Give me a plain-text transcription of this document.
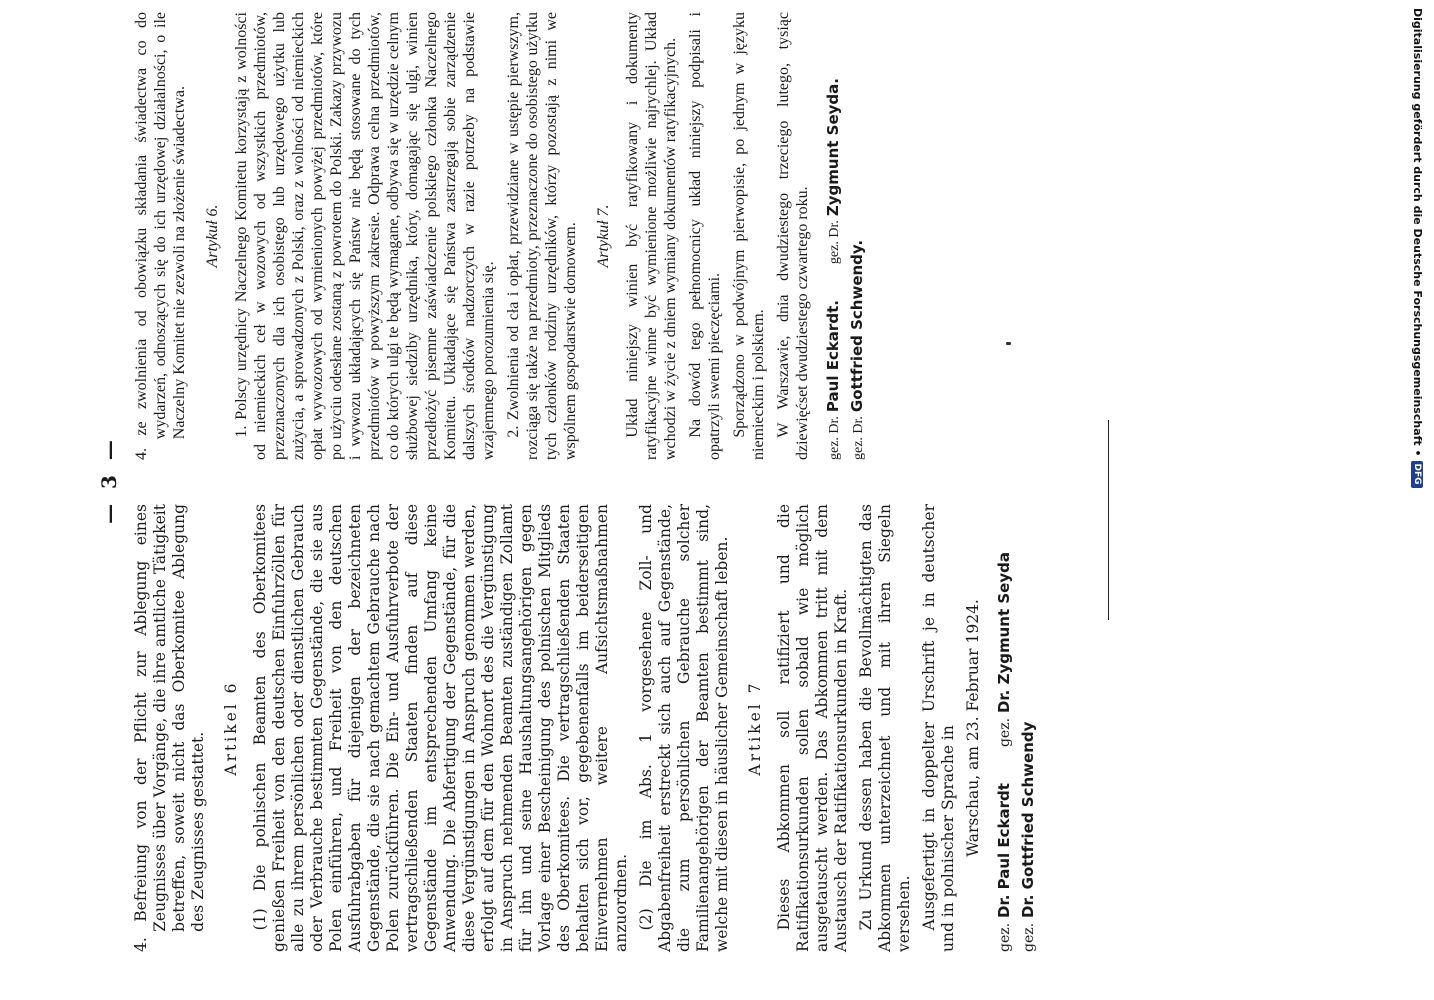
— 3 —

4. Befreiung von der Pflicht zur Ablegung eines Zeugnisses über Vorgänge, die ihre amtliche Tätigkeit betreffen, soweit nicht das Oberkomitee Ablegung des Zeugnisses gestattet.

Artikel 6 (1) Die polnischen Beamten des Oberkomitees genießen Freiheit von den deutschen Einfuhrzöllen für alle zu ihrem persönlichen oder dienstlichen Gebrauch oder Verbrauche bestimmten Gegenstände, die sie aus Polen einführen, und Freiheit von den deutschen Ausfuhrabgaben für diejenigen der bezeichneten Gegenstände, die sie nach gemachtem Gebrauche nach Polen zurückführen. Die Ein- und Ausfuhrverbote der vertragschließenden Staaten finden auf diese Gegenstände im entsprechenden Umfang keine Anwendung. Die Abfertigung der Gegenstände, für die diese Vergünstigungen in Anspruch genommen werden, erfolgt auf dem für den Wohnort des die Vergünstigung in Anspruch nehmenden Beamten zuständigen Zollamt für ihn und seine Haushaltungsangehörigen gegen Vorlage einer Bescheinigung des polnischen Mitglieds des Oberkomitees. Die vertragschließenden Staaten behalten sich vor, gegebenenfalls im beiderseitigen Einvernehmen weitere Aufsichtsmaßnahmen anzuordnen. (2) Die im Abs. 1 vorgesehene Zoll- und Abgabenfreiheit erstreckt sich auch auf Gegenstände, die zum persönlichen Gebrauche solcher Familienangehörigen der Beamten bestimmt sind, welche mit diesen in häuslicher Gemeinschaft leben. Artikel 7 Dieses Abkommen soll ratifiziert und die Ratifikationsurkunden sollen sobald wie möglich ausgetauscht werden. Das Abkommen tritt mit dem Austausch der Ratifikationsurkunden in Kraft. Zu Urkund dessen haben die Bevollmächtigten das Abkommen unterzeichnet und mit ihren Siegeln versehen. Ausgefertigt in doppelter Urschrift je in deutscher und in polnischer Sprache in Warschau, am 23. Februar 1924.

gez. Dr. Paul Eckardt
gez. Dr. Zygmunt Seyda
gez. Dr. Gottfried Schwendy

4. ze zwolnienia od obowiązku składania świadectwa co do wydarzeń, odnoszących się do ich urzędowej działalności, o ile Naczelny Komitet nie zezwoli na złożenie świadectwa. Artykuł 6. 1. Polscy urzędnicy Naczelnego Komitetu korzystają z wolności od niemieckich ceł w wozowych od wszystkich przedmiotów, przeznaczonych dla ich osobistego lub urzędowego użytku lub zużycia, a sprowadzonych z Polski, oraz z wolności od niemieckich opłat wywozowych od wymienionych powyżej przedmiotów, które po użyciu odesłane zostaną z powrotem do Polski. Zakazy przywozu i wywozu układających się Państw nie będą stosowane do tych przedmiotów w powyższym zakresie. Odprawa celna przedmiotów, co do których ulgi te będą wymagane, odbywa się w urzędzie celnym służbowej siedziby urzędnika, który, domagając się ulgi, winien przedłożyć pisemne zaświadczenie polskiego członka Naczelnego Komitetu. Układające się Państwa zastrzegają sobie zarządzenie dalszych środków nadzorczych w razie potrzeby na podstawie wzajemnego porozumienia się. 2. Zwolnienia od cła i opłat, przewidziane w ustępie pierwszym, rozciąga się także na przedmioty, przeznaczone do osobistego użytku tych członków rodziny urzędników, którzy pozostają z nimi we wspólnem gospodarstwie domowem. Artykuł 7. Układ niniejszy winien być ratyfikowany i dokumenty ratyfikacyjne winne być wymienione możliwie najrychlej. Układ wchodzi w życie z dniem wymiany dokumentów ratyfikacyjnych. Na dowód tego pełnomocnicy układ niniejszy podpisali i opatrzyli swemi pieczęciami. Sporządzono w podwójnym pierwopisie, po jednym w języku niemieckim i polskiem. W Warszawie, dnia dwudziestego trzeciego lutego, tysiąc dziewięćset dwudziestego czwartego roku. gez. Dr. Paul Eckardt.
gez. Dr. Zygmunt Seyda.
gez. Dr. Gottfried Schwendy.	Digitalisierung gefördert durch die Deutsche Forschungsgemeinschaft •
DFG
